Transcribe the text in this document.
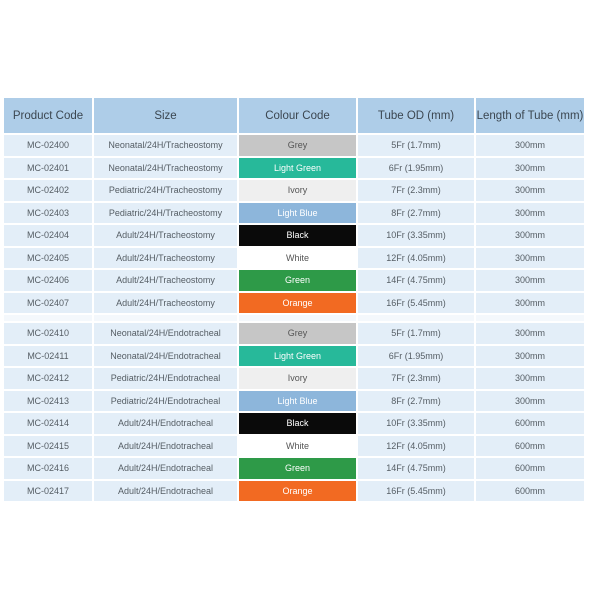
Product Code	Size	Colour Code	Tube OD (mm)	Length of Tube (mm)
MC-02400	Neonatal/24H/Tracheostomy	Grey	5Fr (1.7mm)	300mm
MC-02401	Neonatal/24H/Tracheostomy	Light Green	6Fr (1.95mm)	300mm
MC-02402	Pediatric/24H/Tracheostomy	Ivory	7Fr (2.3mm)	300mm
MC-02403	Pediatric/24H/Tracheostomy	Light Blue	8Fr (2.7mm)	300mm
MC-02404	Adult/24H/Tracheostomy	Black	10Fr (3.35mm)	300mm
MC-02405	Adult/24H/Tracheostomy	White	12Fr (4.05mm)	300mm
MC-02406	Adult/24H/Tracheostomy	Green	14Fr (4.75mm)	300mm
MC-02407	Adult/24H/Tracheostomy	Orange	16Fr (5.45mm)	300mm

MC-02410	Neonatal/24H/Endotracheal	Grey	5Fr (1.7mm)	300mm
MC-02411	Neonatal/24H/Endotracheal	Light Green	6Fr (1.95mm)	300mm
MC-02412	Pediatric/24H/Endotracheal	Ivory	7Fr (2.3mm)	300mm
MC-02413	Pediatric/24H/Endotracheal	Light Blue	8Fr (2.7mm)	300mm
MC-02414	Adult/24H/Endotracheal	Black	10Fr (3.35mm)	600mm
MC-02415	Adult/24H/Endotracheal	White	12Fr (4.05mm)	600mm
MC-02416	Adult/24H/Endotracheal	Green	14Fr (4.75mm)	600mm
MC-02417	Adult/24H/Endotracheal	Orange	16Fr (5.45mm)	600mm
